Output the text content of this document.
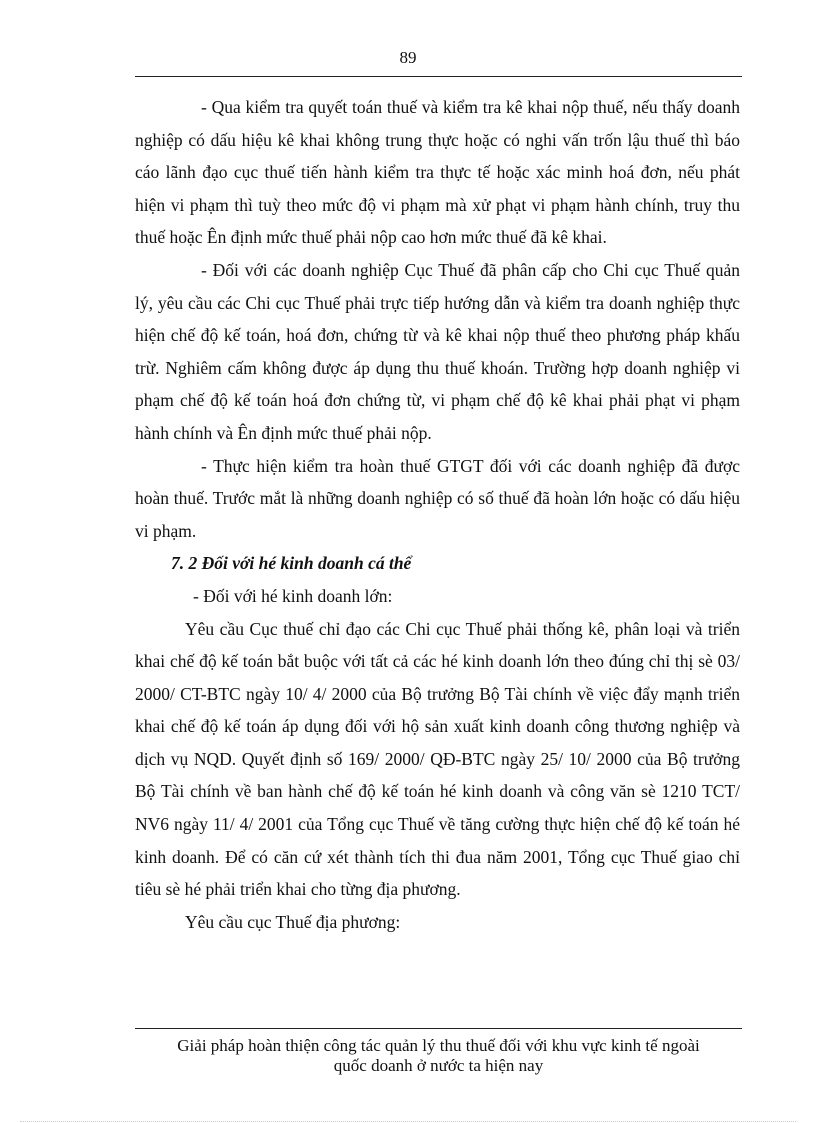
89

- Qua kiểm tra quyết toán thuế và kiểm tra kê khai nộp thuế, nếu thấy doanh nghiệp có dấu hiệu kê khai không trung thực hoặc có nghi vấn trốn lậu thuế thì báo cáo lãnh đạo cục thuế tiến hành kiểm tra thực tế hoặc xác minh hoá đơn, nếu phát hiện vi phạm thì tuỳ theo mức độ vi phạm mà xử phạt vi phạm hành chính, truy thu thuế hoặc Ên định mức thuế phải nộp cao hơn mức thuế đã kê khai.

- Đối với các doanh nghiệp Cục Thuế đã phân cấp cho Chi cục Thuế quản lý, yêu cầu các Chi cục Thuế phải trực tiếp hướng dẫn và kiểm tra doanh nghiệp thực hiện chế độ kế toán, hoá đơn, chứng từ và kê khai nộp thuế theo phương pháp khấu trừ. Nghiêm cấm không được áp dụng thu thuế khoán. Trường hợp doanh nghiệp vi phạm chế độ kế toán hoá đơn chứng từ, vi phạm chế độ kê khai phải phạt vi phạm hành chính và Ên định mức thuế phải nộp.

- Thực hiện kiểm tra hoàn thuế GTGT đối với các doanh nghiệp đã được hoàn thuế. Trước mắt là những doanh nghiệp có số thuế đã hoàn lớn hoặc có dấu hiệu vi phạm.

7. 2 Đối với hé kinh doanh cá thể

- Đối với hé kinh doanh lớn:

Yêu cầu Cục thuế chỉ đạo các Chi cục Thuế phải thống kê, phân loại và triển khai chế độ kế toán bắt buộc với tất cả các hé kinh doanh lớn theo đúng chỉ thị sè 03/ 2000/ CT-BTC ngày 10/ 4/ 2000 của Bộ trưởng Bộ Tài chính về việc đẩy mạnh triển khai chế độ kế toán áp dụng đối với hộ sản xuất kinh doanh công thương nghiệp và dịch vụ NQD. Quyết định số 169/ 2000/ QĐ-BTC ngày 25/ 10/ 2000 của Bộ trưởng Bộ Tài chính về ban hành chế độ kế toán hé kinh doanh và công văn sè 1210 TCT/ NV6 ngày 11/ 4/ 2001 của Tổng cục Thuế về tăng cường thực hiện chế độ kế toán hé kinh doanh. Để có căn cứ xét thành tích thi đua năm 2001, Tổng cục Thuế giao chỉ tiêu sè hé phải triển khai cho từng địa phương.

Yêu cầu cục Thuế địa phương:

Giải pháp hoàn thiện công tác quản lý thu thuế đối với khu vực kinh tế ngoài
quốc doanh ở nước ta hiện nay
